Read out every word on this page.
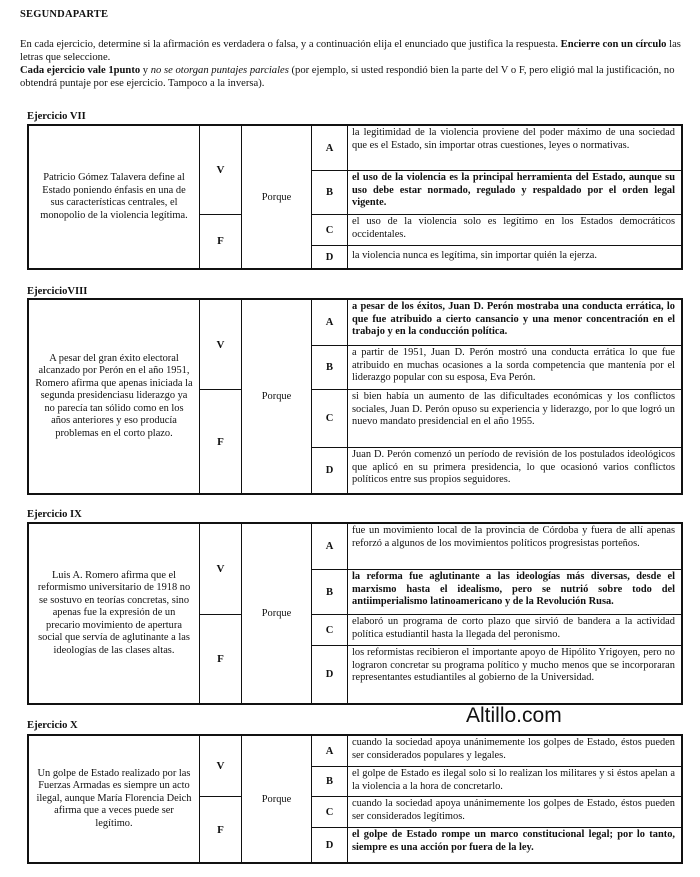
SEGUNDAPARTE
En cada ejercicio, determine si la afirmación es verdadera o falsa, y a continuación elija el enunciado que justifica la respuesta. Encierre con un círculo las letras que seleccione.
Cada ejercicio vale 1punto y no se otorgan puntajes parciales (por ejemplo, si usted respondió bien la parte del V o F, pero eligió mal la justificación, no obtendrá puntaje por ese ejercicio. Tampoco a la inversa).
Ejercicio VII
Patricio Gómez Talavera define al Estado poniendo énfasis en una de sus características centrales, el monopolio de la violencia legítima.
V
F
Porque
A
la legitimidad de la violencia proviene del poder máximo de una sociedad que es el Estado, sin importar otras cuestiones, leyes o normativas.
B
el uso de la violencia es la principal herramienta del Estado, aunque su uso debe estar normado, regulado y respaldado por el orden legal vigente.
C
el uso de la violencia solo es legítimo en los Estados democráticos occidentales.
D	la violencia nunca es legítima, sin importar quién la ejerza.
EjercicioVIII
A pesar del gran éxito electoral alcanzado por Perón en el año 1951, Romero afirma que apenas iniciada la segunda presidenciasu liderazgo ya no parecía tan sólido como en los años anteriores y eso producía problemas en el corto plazo.
V
F
Porque
A
a pesar de los éxitos, Juan D. Perón mostraba una conducta errática, lo que fue atribuido a cierto cansancio y una menor concentración en el trabajo y en la conducción política.
B
a partir de 1951, Juan D. Perón mostró una conducta errática lo que fue atribuido en muchas ocasiones a la sorda competencia que mantenía por el liderazgo popular con su esposa, Eva Perón.
C
si bien había un aumento de las dificultades económicas y los conflictos sociales, Juan D. Perón opuso su experiencia y liderazgo, por lo que logró un nuevo mandato presidencial en el año 1955.
D
Juan D. Perón comenzó un período de revisión de los postulados ideológicos que aplicó en su primera presidencia, lo que ocasionó varios conflictos políticos entre sus propios seguidores.
Ejercicio IX
Luis A. Romero afirma que el reformismo universitario de 1918 no se sostuvo en teorías concretas, sino apenas fue la expresión de un precario movimiento de apertura social que servía de aglutinante a las ideologías de las clases altas.
V
F
Porque
A
fue un movimiento local de la provincia de Córdoba y fuera de allí apenas reforzó a algunos de los movimientos políticos progresistas porteños.
B
la reforma fue aglutinante a las ideologías más diversas, desde el marxismo hasta el idealismo, pero se nutrió sobre todo del antiimperialismo latinoamericano y de la Revolución Rusa.
C
elaboró un programa de corto plazo que sirvió de bandera a la actividad política estudiantil hasta la llegada del peronismo.
D
los reformistas recibieron el importante apoyo de Hipólito Yrigoyen, pero no lograron concretar su programa político y mucho menos que se incorporaran representantes estudiantiles al gobierno de la Universidad.
Altillo.com
Ejercicio X
Un golpe de Estado realizado por las Fuerzas Armadas es siempre un acto ilegal, aunque María Florencia Deich afirma que a veces puede ser legítimo.
V
F
Porque
A
cuando la sociedad apoya unánimemente los golpes de Estado, éstos pueden ser considerados populares y legales.
B
el golpe de Estado es ilegal solo si lo realizan los militares y si éstos apelan a la violencia a la hora de concretarlo.
C
cuando la sociedad apoya unánimemente los golpes de Estado, éstos pueden ser considerados legítimos.
D
el golpe de Estado rompe un marco constitucional legal; por lo tanto, siempre es una acción por fuera de la ley.
